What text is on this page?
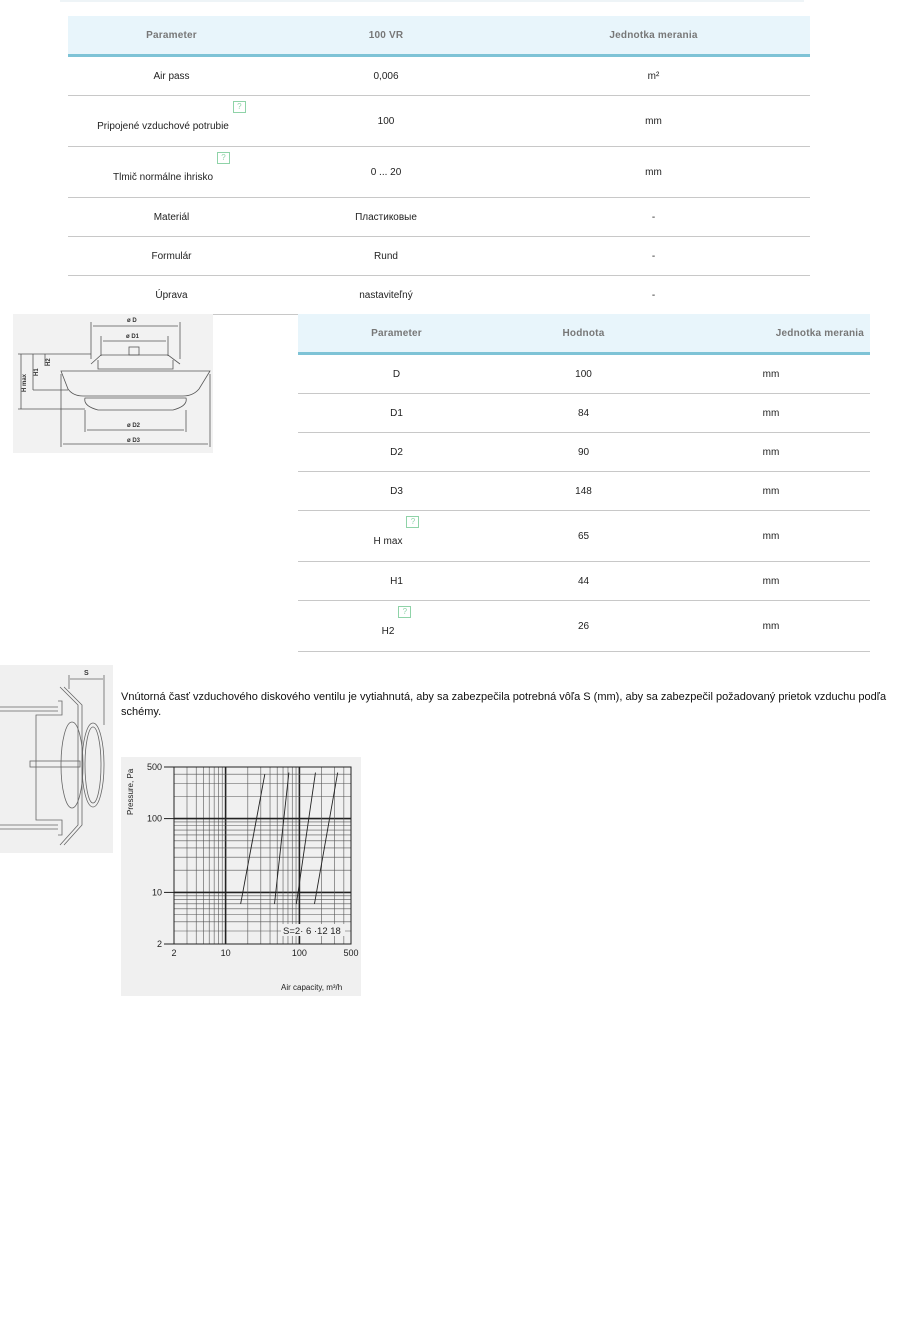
Parameter	100 VR	Jednotka merania
Air pass	0,006	m²
Pripojené vzduchové potrubie?	100	mm
Tlmič normálne ihrisko?	0 ... 20	mm
Materiál	Пластиковые	-
Formulár	Rund	-
Úprava	nastaviteľný	-
ø D
ø D1
ø D2
ø D3
H max
H1
H2
Parameter	Hodnota	Jednotka merania
D	100	mm
D1	84	mm
D2	90	mm
D3	148	mm
H max?	65	mm
H1	44	mm
H2?	26	mm
S
Vnútorná časť vzduchového diskového ventilu je vytiahnutá, aby sa zabezpečila potrebná vôľa S (mm), aby sa zabezpečil požadovaný prietok vzduchu podľa schémy.
2	10	100	500
500
100
10
2
Pressure, Pa
Air capacity, m³/h
S=2· 6 ·12 18
